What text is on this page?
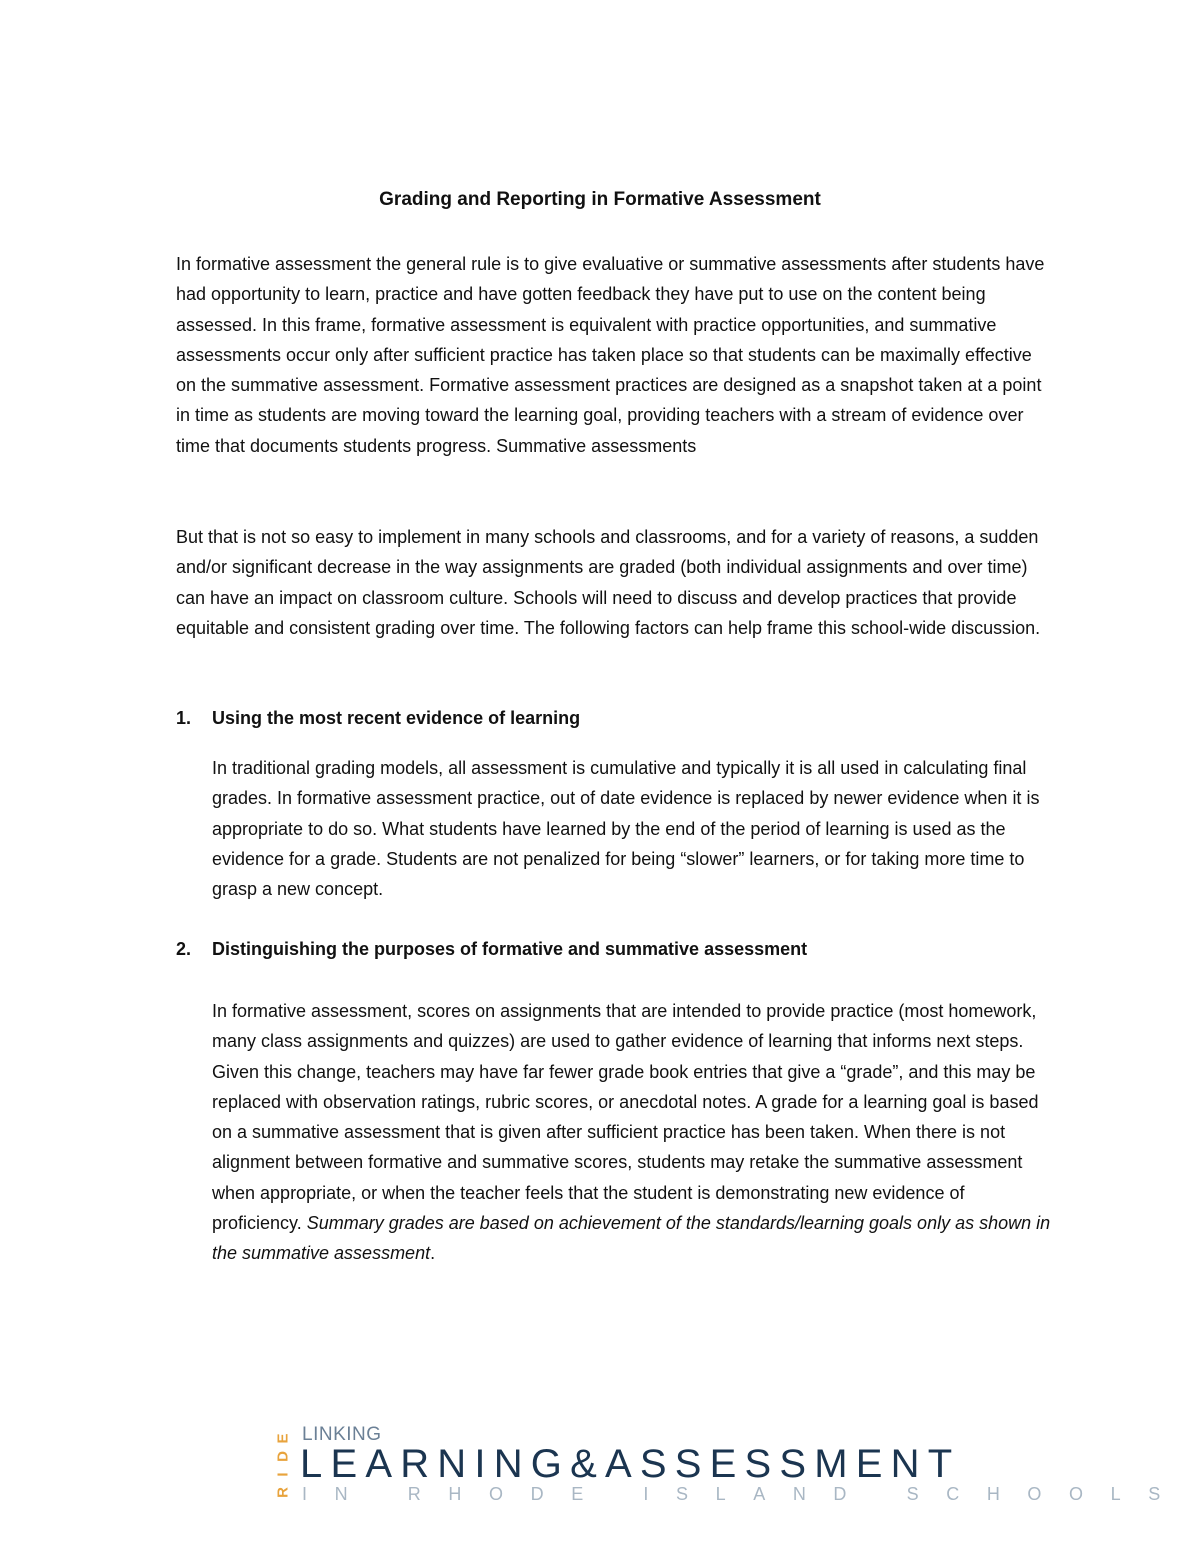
Grading and Reporting in Formative Assessment

In formative assessment the general rule is to give evaluative or summative assessments after students have had opportunity to learn, practice and have gotten feedback they have put to use on the content being assessed. In this frame, formative assessment is equivalent with practice opportunities, and summative assessments occur only after sufficient practice has taken place so that students can be maximally effective on the summative assessment. Formative assessment practices are designed as a snapshot taken at a point in time as students are moving toward the learning goal, providing teachers with a stream of evidence over time that documents students progress. Summative assessments

But that is not so easy to implement in many schools and classrooms, and for a variety of reasons, a sudden and/or significant decrease in the way assignments are graded (both individual assignments and over time) can have an impact on classroom culture. Schools will need to discuss and develop practices that provide equitable and consistent grading over time. The following factors can help frame this school-wide discussion.

1. Using the most recent evidence of learning

In traditional grading models, all assessment is cumulative and typically it is all used in calculating final grades. In formative assessment practice, out of date evidence is replaced by newer evidence when it is appropriate to do so. What students have learned by the end of the period of learning is used as the evidence for a grade. Students are not penalized for being “slower” learners, or for taking more time to grasp a new concept.

2. Distinguishing the purposes of formative and summative assessment

In formative assessment, scores on assignments that are intended to provide practice (most homework, many class assignments and quizzes) are used to gather evidence of learning that informs next steps. Given this change, teachers may have far fewer grade book entries that give a “grade”, and this may be replaced with observation ratings, rubric scores, or anecdotal notes. A grade for a learning goal is based on a summative assessment that is given after sufficient practice has been taken. When there is not alignment between formative and summative scores, students may retake the summative assessment when appropriate, or when the teacher feels that the student is demonstrating new evidence of proficiency. Summary grades are based on achievement of the standards/learning goals only as shown in the summative assessment.

R
I
D
E LINKING
LEARNING&ASSESSMENT
IN RHODE ISLAND SCHOOLS
